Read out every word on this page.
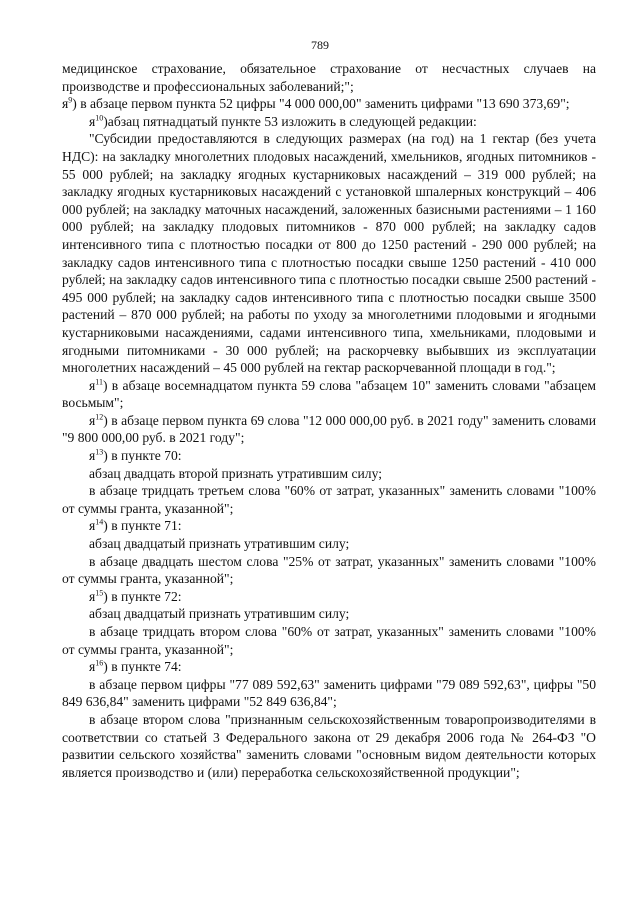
789

медицинское страхование, обязательное страхование от несчастных случаев на производстве и профессиональных заболеваний;";

$я^9$) в абзаце первом пункта 52 цифры "4 000 000,00" заменить цифрами "13 690 373,69";

$я^{10})абзац$ пятнадцатый пункте 53 изложить в следующей редакции:

"Субсидии предоставляются в следующих размерах (на год) на 1 гектар (без учета НДС): на закладку многолетних плодовых насаждений, хмельников, ягодных питомников - 55 000 рублей; на закладку ягодных кустарниковых насаждений – 319 000 рублей; на закладку ягодных кустарниковых насаждений с установкой шпалерных конструкций – 406 000 рублей; на закладку маточных насаждений, заложенных базисными растениями – 1 160 000 рублей; на закладку плодовых питомников - 870 000 рублей; на закладку садов интенсивного типа с плотностью посадки от 800 до 1250 растений - 290 000 рублей; на закладку садов интенсивного типа с плотностью посадки свыше 1250 растений - 410 000 рублей; на закладку садов интенсивного типа с плотностью посадки свыше 2500 растений - 495 000 рублей; на закладку садов интенсивного типа с плотностью посадки свыше 3500 растений – 870 000 рублей; на работы по уходу за многолетними плодовыми и ягодными кустарниковыми насаждениями, садами интенсивного типа, хмельниками, плодовыми и ягодными питомниками - 30 000 рублей; на раскорчевку выбывших из эксплуатации многолетних насаждений – 45 000 рублей на гектар раскорчеванной площади в год.";

$я^{11}$) в абзаце восемнадцатом пункта 59 слова "абзацем 10" заменить словами "абзацем восьмым";

$я^{12}$) в абзаце первом пункта 69 слова "12 000 000,00 руб. в 2021 году" заменить словами "9 800 000,00 руб. в 2021 году";

$я^{13}$) в пункте 70:

абзац двадцать второй признать утратившим силу;

в абзаце тридцать третьем слова "60% от затрат, указанных" заменить словами "100% от суммы гранта, указанной";

$я^{14}$) в пункте 71:

абзац двадцатый признать утратившим силу;

в абзаце двадцать шестом слова "25% от затрат, указанных" заменить словами "100% от суммы гранта, указанной";

$я^{15}$) в пункте 72:

абзац двадцатый признать утратившим силу;

в абзаце тридцать втором слова "60% от затрат, указанных" заменить словами "100% от суммы гранта, указанной";

$я^{16}$) в пункте 74:

в абзаце первом цифры "77 089 592,63" заменить цифрами "79 089 592,63", цифры "50 849 636,84" заменить цифрами "52 849 636,84";

в абзаце втором слова "признанным сельскохозяйственным товаропроизводителями в соответствии со статьей 3 Федерального закона от 29 декабря 2006 года № 264-ФЗ "О развитии сельского хозяйства" заменить словами "основным видом деятельности которых является производство и (или) переработка сельскохозяйственной продукции";
